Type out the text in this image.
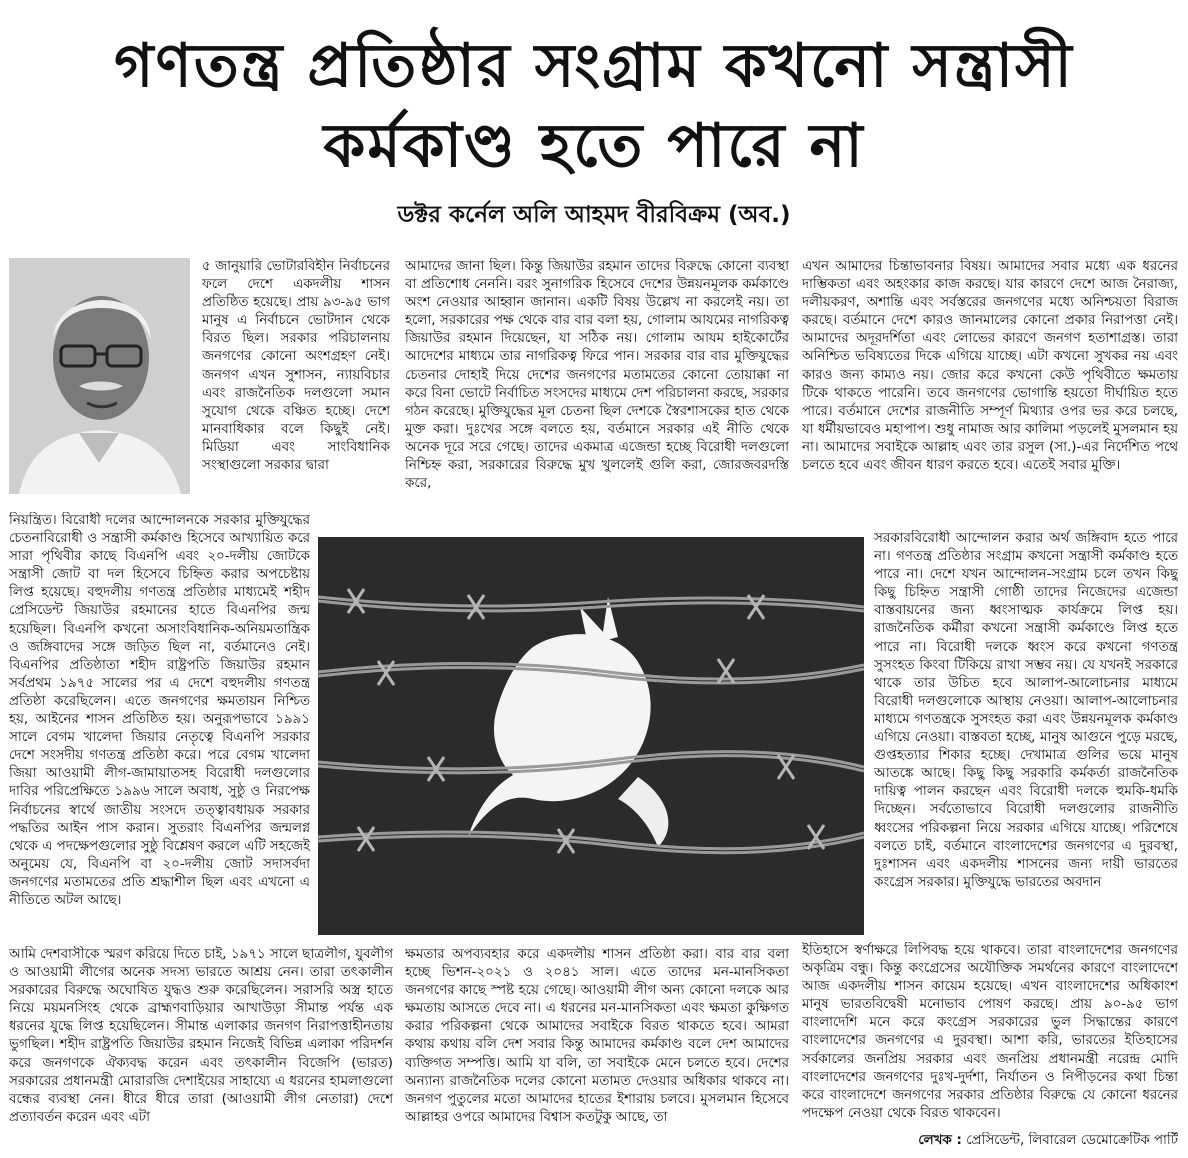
গণতন্ত্র প্রতিষ্ঠার সংগ্রাম কখনো সন্ত্রাসী
কর্মকাণ্ড হতে পারে না
ডক্টর কর্নেল অলি আহমদ বীরবিক্রম (অব.)

৫ জানুয়ারি ভোটারবিহীন নির্বাচনের ফলে দেশে একদলীয় শাসন প্রতিষ্ঠিত হয়েছে। প্রায় ৯৩-৯৫ ভাগ মানুষ এ নির্বাচনে ভোটদান থেকে বিরত ছিল। সরকার পরিচালনায় জনগণের কোনো অংশগ্রহণ নেই। জনগণ এখন সুশাসন, ন্যায়বিচার এবং রাজনৈতিক দলগুলো সমান সুযোগ থেকে বঞ্চিত হচ্ছে। দেশে মানবাধিকার বলে কিছুই নেই। মিডিয়া এবং সাংবিধানিক সংস্থাগুলো সরকার দ্বারা

নিয়ন্ত্রিত। বিরোধী দলের আন্দোলনকে সরকার মুক্তিযুদ্ধের চেতনাবিরোধী ও সন্ত্রাসী কর্মকাণ্ড হিসেবে আখ্যায়িত করে সারা পৃথিবীর কাছে বিএনপি এবং ২০-দলীয় জোটকে সন্ত্রাসী জোট বা দল হিসেবে চিহ্নিত করার অপচেষ্টায় লিপ্ত হয়েছে। বহুদলীয় গণতন্ত্র প্রতিষ্ঠার মাধ্যমেই শহীদ প্রেসিডেন্ট জিয়াউর রহমানের হাতে বিএনপির জন্ম হয়েছিল। বিএনপি কখনো অসাংবিধানিক-অনিয়মতান্ত্রিক ও জঙ্গিবাদের সঙ্গে জড়িত ছিল না, বর্তমানেও নেই। বিএনপির প্রতিষ্ঠাতা শহীদ রাষ্ট্রপতি জিয়াউর রহমান সর্বপ্রথম ১৯৭৫ সালের পর এ দেশে বহুদলীয় গণতন্ত্র প্রতিষ্ঠা করেছিলেন। এতে জনগণের ক্ষমতায়ন নিশ্চিত হয়, আইনের শাসন প্রতিষ্ঠিত হয়। অনুরূপভাবে ১৯৯১ সালে বেগম খালেদা জিয়ার নেতৃত্বে বিএনপি সরকার দেশে সংসদীয় গণতন্ত্র প্রতিষ্ঠা করে। পরে বেগম খালেদা জিয়া আওয়ামী লীগ-জামায়াতসহ বিরোধী দলগুলোর দাবির পরিপ্রেক্ষিতে ১৯৯৬ সালে অবাধ, সুষ্ঠু ও নিরপেক্ষ নির্বাচনের স্বার্থে জাতীয় সংসদে তত্ত্বাবধায়ক সরকার পদ্ধতির আইন পাস করান। সুতরাং বিএনপির জন্মলগ্ন থেকে এ পদক্ষেপগুলোর সুষ্ঠু বিশ্লেষণ করলে এটি সহজেই অনুমেয় যে, বিএনপি বা ২০-দলীয় জোট সদাসর্বদা জনগণের মতামতের প্রতি শ্রদ্ধাশীল ছিল এবং এখনো এ নীতিতে অটল আছে।

আমি দেশবাসীকে স্মরণ করিয়ে দিতে চাই, ১৯৭১ সালে ছাত্রলীগ, যুবলীগ ও আওয়ামী লীগের অনেক সদস্য ভারতে আশ্রয় নেন। তারা তৎকালীন সরকারের বিরুদ্ধে অঘোষিত যুদ্ধও শুরু করেছিলেন। সরাসরি অস্ত্র হাতে নিয়ে ময়মনসিংহ থেকে ব্রাহ্মণবাড়িয়ার আখাউড়া সীমান্ত পর্যন্ত এক ধরনের যুদ্ধে লিপ্ত হয়েছিলেন। সীমান্ত এলাকার জনগণ নিরাপত্তাহীনতায় ভুগছিল। শহীদ রাষ্ট্রপতি জিয়াউর রহমান নিজেই বিভিন্ন এলাকা পরিদর্শন করে জনগণকে ঐক্যবদ্ধ করেন এবং তৎকালীন বিজেপি (ভারত) সরকারের প্রধানমন্ত্রী মোরারজি দেশাইয়ের সাহায্যে এ ধরনের হামলাগুলো বন্ধের ব্যবস্থা নেন। ধীরে ধীরে তারা (আওয়ামী লীগ নেতারা) দেশে প্রত্যাবর্তন করেন এবং এটা

আমাদের জানা ছিল। কিন্তু জিয়াউর রহমান তাদের বিরুদ্ধে কোনো ব্যবস্থা বা প্রতিশোধ নেননি। বরং সুনাগরিক হিসেবে দেশের উন্নয়নমূলক কর্মকাণ্ডে অংশ নেওয়ার আহ্বান জানান। একটি বিষয় উল্লেখ না করলেই নয়। তা হলো, সরকারের পক্ষ থেকে বার বার বলা হয়, গোলাম আযমের নাগরিকত্ব জিয়াউর রহমান দিয়েছেন, যা সঠিক নয়। গোলাম আযম হাইকোর্টের আদেশের মাধ্যমে তার নাগরিকত্ব ফিরে পান। সরকার বার বার মুক্তিযুদ্ধের চেতনার দোহাই দিয়ে দেশের জনগণের মতামতের কোনো তোয়াক্কা না করে বিনা ভোটে নির্বাচিত সংসদের মাধ্যমে দেশ পরিচালনা করছে, সরকার গঠন করেছে। মুক্তিযুদ্ধের মূল চেতনা ছিল দেশকে স্বৈরশাসকের হাত থেকে মুক্ত করা। দুঃখের সঙ্গে বলতে হয়, বর্তমানে সরকার এই নীতি থেকে অনেক দূরে সরে গেছে। তাদের একমাত্র এজেন্ডা হচ্ছে বিরোধী দলগুলো নিশ্চিহ্ন করা, সরকারের বিরুদ্ধে মুখ খুললেই গুলি করা, জোরজবরদস্তি করে,

ক্ষমতার অপব্যবহার করে একদলীয় শাসন প্রতিষ্ঠা করা। বার বার বলা হচ্ছে ভিশন-২০২১ ও ২০৪১ সাল। এতে তাদের মন-মানসিকতা জনগণের কাছে স্পষ্ট হয়ে গেছে। আওয়ামী লীগ অন্য কোনো দলকে আর ক্ষমতায় আসতে দেবে না। এ ধরনের মন-মানসিকতা এবং ক্ষমতা কুক্ষিগত করার পরিকল্পনা থেকে আমাদের সবাইকে বিরত থাকতে হবে। আমরা কথায় কথায় বলি দেশ সবার কিন্তু আমাদের কর্মকাণ্ড বলে দেশ আমাদের ব্যক্তিগত সম্পত্তি। আমি যা বলি, তা সবাইকে মেনে চলতে হবে। দেশের অন্যান্য রাজনৈতিক দলের কোনো মতামত দেওয়ার অধিকার থাকবে না। জনগণ পুতুলের মতো আমাদের হাতের ইশারায় চলবে। মুসলমান হিসেবে আল্লাহর ওপরে আমাদের বিশ্বাস কতটুকু আছে, তা

এখন আমাদের চিন্তাভাবনার বিষয়। আমাদের সবার মধ্যে এক ধরনের দাম্ভিকতা এবং অহংকার কাজ করছে। যার কারণে দেশে আজ নৈরাজ্য, দলীয়করণ, অশান্তি এবং সর্বস্তরের জনগণের মধ্যে অনিশ্চয়তা বিরাজ করছে। বর্তমানে দেশে কারও জানমালের কোনো প্রকার নিরাপত্তা নেই। আমাদের অদূরদর্শিতা এবং লোভের কারণে জনগণ হতাশাগ্রস্ত। তারা অনিশ্চিত ভবিষ্যতের দিকে এগিয়ে যাচ্ছে। এটা কখনো সুখকর নয় এবং কারও জন্য কাম্যও নয়। জোর করে কখনো কেউ পৃথিবীতে ক্ষমতায় টিকে থাকতে পারেনি। তবে জনগণের ভোগান্তি হয়তো দীর্ঘায়িত হতে পারে। বর্তমানে দেশের রাজনীতি সম্পূর্ণ মিথ্যার ওপর ভর করে চলছে, যা ধর্মীয়ভাবেও মহাপাপ। শুধু নামাজ আর কালিমা পড়লেই মুসলমান হয় না। আমাদের সবাইকে আল্লাহ এবং তার রসুল (সা.)-এর নির্দেশিত পথে চলতে হবে এবং জীবন ধারণ করতে হবে। এতেই সবার মুক্তি।

সরকারবিরোধী আন্দোলন করার অর্থ জঙ্গিবাদ হতে পারে না। গণতন্ত্র প্রতিষ্ঠার সংগ্রাম কখনো সন্ত্রাসী কর্মকাণ্ড হতে পারে না। দেশে যখন আন্দোলন-সংগ্রাম চলে তখন কিছু কিছু চিহ্নিত সন্ত্রাসী গোষ্ঠী তাদের নিজেদের এজেন্ডা বাস্তবায়নের জন্য ধ্বংসাত্মক কার্যক্রমে লিপ্ত হয়। রাজনৈতিক কর্মীরা কখনো সন্ত্রাসী কর্মকাণ্ডে লিপ্ত হতে পারে না। বিরোধী দলকে ধ্বংস করে কখনো গণতন্ত্র সুসংহত কিংবা টিকিয়ে রাখা সম্ভব নয়। যে যখনই সরকারে থাকে তার উচিত হবে আলাপ-আলোচনার মাধ্যমে বিরোধী দলগুলোকে আস্থায় নেওয়া। আলাপ-আলোচনার মাধ্যমে গণতন্ত্রকে সুসংহত করা এবং উন্নয়নমূলক কর্মকাণ্ড এগিয়ে নেওয়া। বাস্তবতা হচ্ছে, মানুষ আগুনে পুড়ে মরছে, গুপ্তহত্যার শিকার হচ্ছে। দেখামাত্র গুলির ভয়ে মানুষ আতঙ্কে আছে। কিছু কিছু সরকারি কর্মকর্তা রাজনৈতিক দায়িত্ব পালন করছেন এবং বিরোধী দলকে হুমকি-ধমকি দিচ্ছেন। সর্বতোভাবে বিরোধী দলগুলোর রাজনীতি ধ্বংসের পরিকল্পনা নিয়ে সরকার এগিয়ে যাচ্ছে। পরিশেষে বলতে চাই, বর্তমানে বাংলাদেশের জনগণের এ দুরবস্থা, দুঃশাসন এবং একদলীয় শাসনের জন্য দায়ী ভারতের কংগ্রেস সরকার। মুক্তিযুদ্ধে ভারতের অবদান

ইতিহাসে স্বর্ণাক্ষরে লিপিবদ্ধ হয়ে থাকবে। তারা বাংলাদেশের জনগণের অকৃত্রিম বন্ধু। কিন্তু কংগ্রেসের অযৌক্তিক সমর্থনের কারণে বাংলাদেশে আজ একদলীয় শাসন কায়েম হয়েছে। এখন বাংলাদেশের অধিকাংশ মানুষ ভারতবিদ্বেষী মনোভাব পোষণ করছে। প্রায় ৯০-৯৫ ভাগ বাংলাদেশি মনে করে কংগ্রেস সরকারের ভুল সিদ্ধান্তের কারণে বাংলাদেশের জনগণের এ দুরবস্থা। আশা করি, ভারতের ইতিহাসের সর্বকালের জনপ্রিয় সরকার এবং জনপ্রিয় প্রধানমন্ত্রী নরেন্দ্র মোদি বাংলাদেশের জনগণের দুঃখ-দুর্দশা, নির্যাতন ও নিপীড়নের কথা চিন্তা করে বাংলাদেশে জনগণের সরকার প্রতিষ্ঠার বিরুদ্ধে যে কোনো ধরনের পদক্ষেপ নেওয়া থেকে বিরত থাকবেন।

লেখক : প্রেসিডেন্ট, লিবারেল ডেমোক্রেটিক পার্টি
